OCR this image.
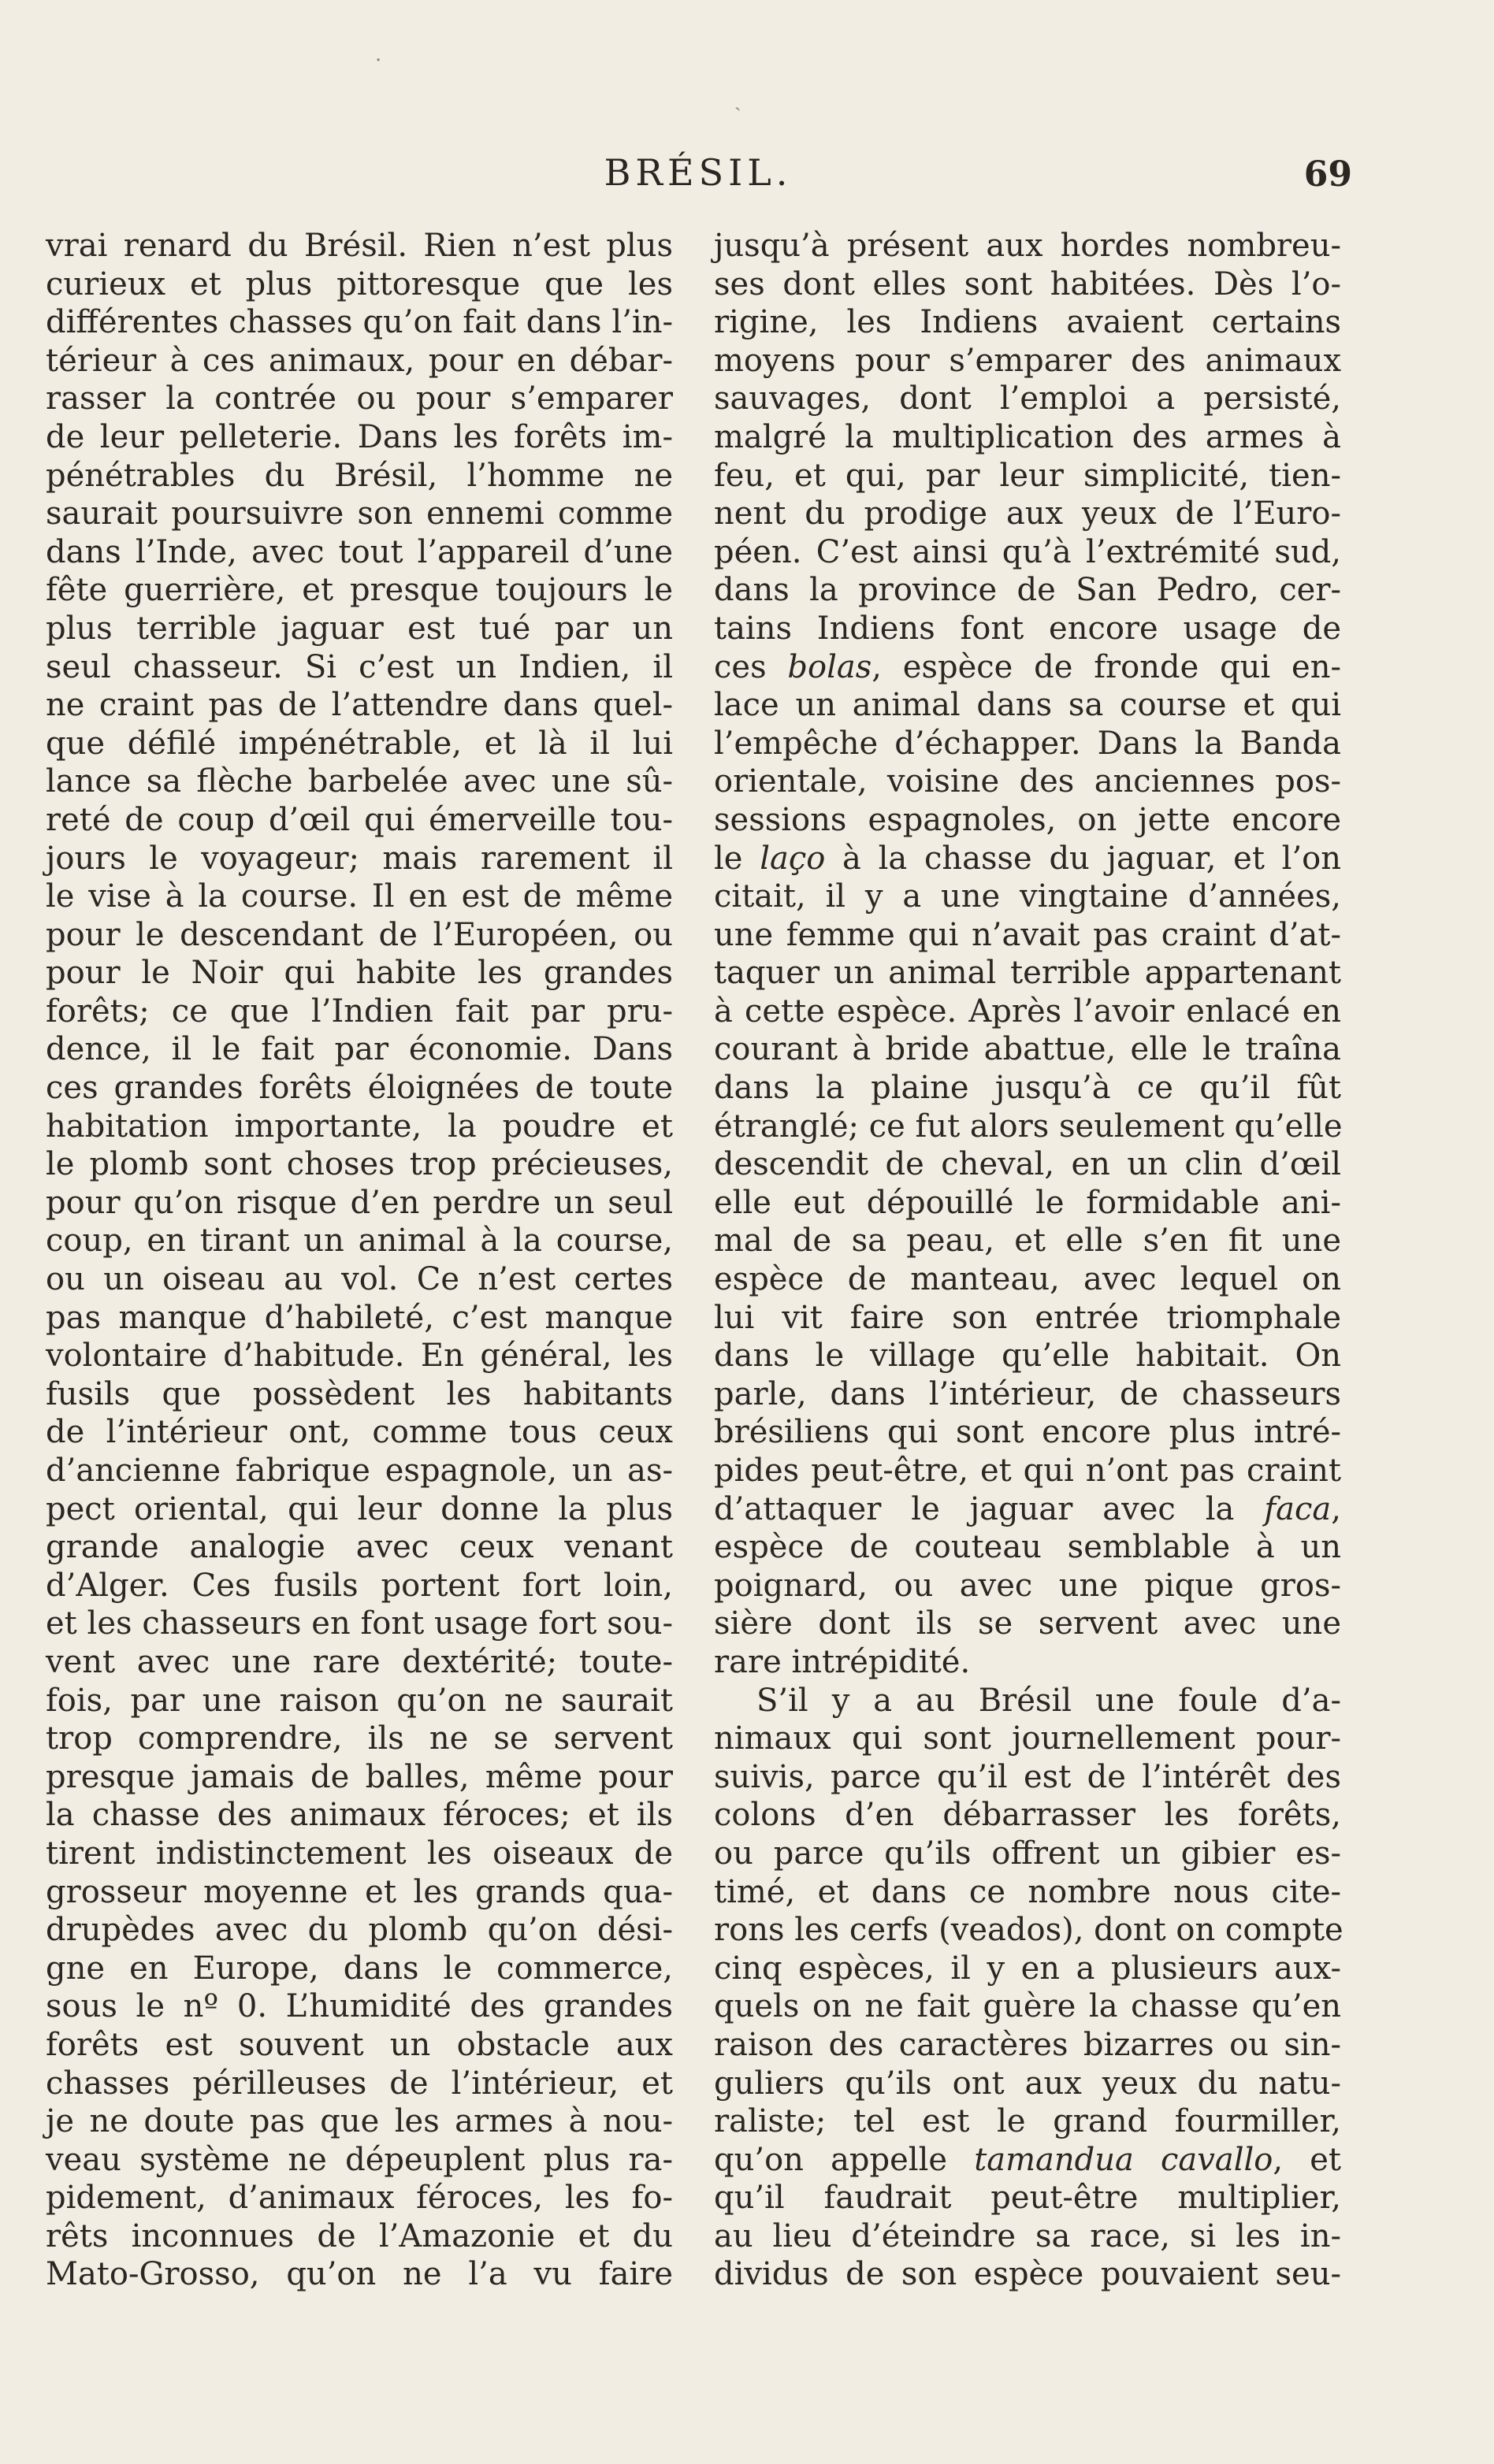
·
ˎ
BRÉSIL.	69
vrai renard du Brésil. Rien n’est plus
curieux et plus pittoresque que les
différentes chasses qu’on fait dans l’in-
térieur à ces animaux, pour en débar-
rasser la contrée ou pour s’emparer
de leur pelleterie. Dans les forêts im-
pénétrables du Brésil, l’homme ne
saurait poursuivre son ennemi comme
dans l’Inde, avec tout l’appareil d’une
fête guerrière, et presque toujours le
plus terrible jaguar est tué par un
seul chasseur. Si c’est un Indien, il
ne craint pas de l’attendre dans quel-
que défilé impénétrable, et là il lui
lance sa flèche barbelée avec une sû-
reté de coup d’œil qui émerveille tou-
jours le voyageur; mais rarement il
le vise à la course. Il en est de même
pour le descendant de l’Européen, ou
pour le Noir qui habite les grandes
forêts; ce que l’Indien fait par pru-
dence, il le fait par économie. Dans
ces grandes forêts éloignées de toute
habitation importante, la poudre et
le plomb sont choses trop précieuses,
pour qu’on risque d’en perdre un seul
coup, en tirant un animal à la course,
ou un oiseau au vol. Ce n’est certes
pas manque d’habileté, c’est manque
volontaire d’habitude. En général, les
fusils que possèdent les habitants
de l’intérieur ont, comme tous ceux
d’ancienne fabrique espagnole, un as-
pect oriental, qui leur donne la plus
grande analogie avec ceux venant
d’Alger. Ces fusils portent fort loin,
et les chasseurs en font usage fort sou-
vent avec une rare dextérité; toute-
fois, par une raison qu’on ne saurait
trop comprendre, ils ne se servent
presque jamais de balles, même pour
la chasse des animaux féroces; et ils
tirent indistinctement les oiseaux de
grosseur moyenne et les grands qua-
drupèdes avec du plomb qu’on dési-
gne en Europe, dans le commerce,
sous le nº 0. L’humidité des grandes
forêts est souvent un obstacle aux
chasses périlleuses de l’intérieur, et
je ne doute pas que les armes à nou-
veau système ne dépeuplent plus ra-
pidement, d’animaux féroces, les fo-
rêts inconnues de l’Amazonie et du
Mato-Grosso, qu’on ne l’a vu faire
jusqu’à présent aux hordes nombreu-
ses dont elles sont habitées. Dès l’o-
rigine, les Indiens avaient certains
moyens pour s’emparer des animaux
sauvages, dont l’emploi a persisté,
malgré la multiplication des armes à
feu, et qui, par leur simplicité, tien-
nent du prodige aux yeux de l’Euro-
péen. C’est ainsi qu’à l’extrémité sud,
dans la province de San Pedro, cer-
tains Indiens font encore usage de
ces bolas, espèce de fronde qui en-
lace un animal dans sa course et qui
l’empêche d’échapper. Dans la Banda
orientale, voisine des anciennes pos-
sessions espagnoles, on jette encore
le laço à la chasse du jaguar, et l’on
citait, il y a une vingtaine d’années,
une femme qui n’avait pas craint d’at-
taquer un animal terrible appartenant
à cette espèce. Après l’avoir enlacé en
courant à bride abattue, elle le traîna
dans la plaine jusqu’à ce qu’il fût
étranglé; ce fut alors seulement qu’elle
descendit de cheval, en un clin d’œil
elle eut dépouillé le formidable ani-
mal de sa peau, et elle s’en fit une
espèce de manteau, avec lequel on
lui vit faire son entrée triomphale
dans le village qu’elle habitait. On
parle, dans l’intérieur, de chasseurs
brésiliens qui sont encore plus intré-
pides peut-être, et qui n’ont pas craint
d’attaquer le jaguar avec la faca,
espèce de couteau semblable à un
poignard, ou avec une pique gros-
sière dont ils se servent avec une
rare intrépidité.
S’il y a au Brésil une foule d’a-
nimaux qui sont journellement pour-
suivis, parce qu’il est de l’intérêt des
colons d’en débarrasser les forêts,
ou parce qu’ils offrent un gibier es-
timé, et dans ce nombre nous cite-
rons les cerfs (veados), dont on compte
cinq espèces, il y en a plusieurs aux-
quels on ne fait guère la chasse qu’en
raison des caractères bizarres ou sin-
guliers qu’ils ont aux yeux du natu-
raliste; tel est le grand fourmiller,
qu’on appelle tamandua cavallo, et
qu’il faudrait peut-être multiplier,
au lieu d’éteindre sa race, si les in-
dividus de son espèce pouvaient seu-
